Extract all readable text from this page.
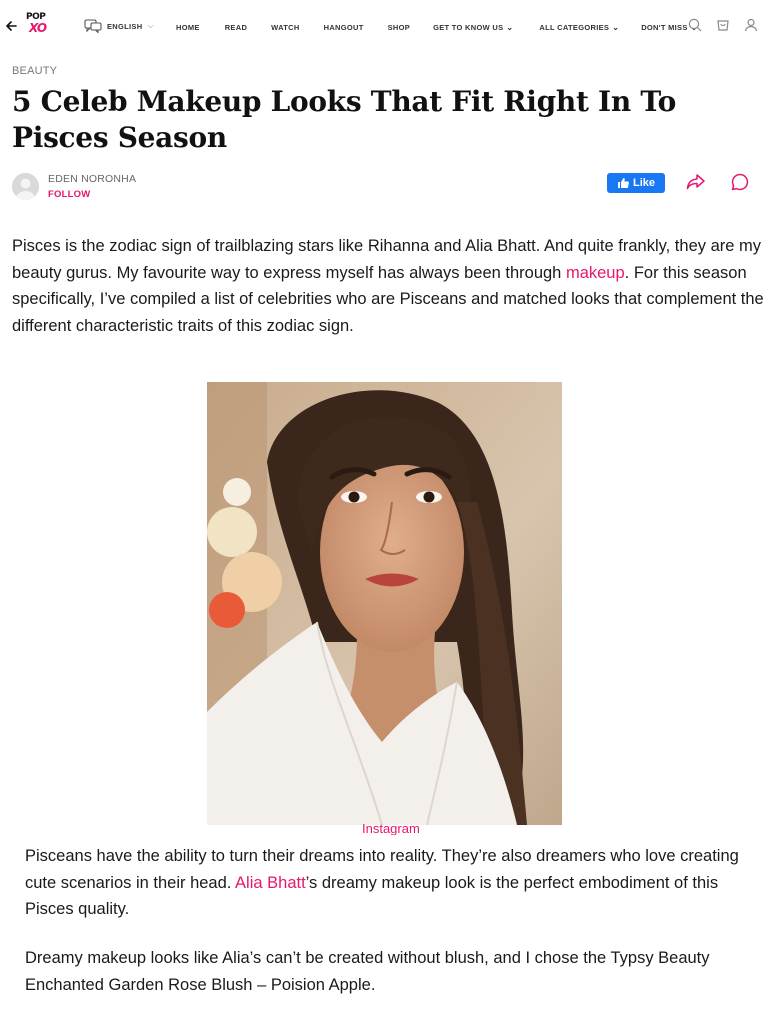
POP
XO	ENGLISH ⌵	HOME	READ	WATCH	HANGOUT	SHOP	GET TO KNOW US ⌄	ALL CATEGORIES ⌄	DON'T MISS ⌄
BEAUTY
5 Celeb Makeup Looks That Fit Right In To Pisces Season
EDEN NORONHA
FOLLOW
Like

Pisces is the zodiac sign of trailblazing stars like Rihanna and Alia Bhatt. And quite frankly, they are my beauty gurus. My favourite way to express myself has always been through makeup. For this season specifically, I’ve compiled a list of celebrities who are Pisceans and matched looks that complement the different characteristic traits of this zodiac sign.

Instagram

Pisceans have the ability to turn their dreams into reality. They’re also dreamers who love creating cute scenarios in their head. Alia Bhatt’s dreamy makeup look is the perfect embodiment of this Pisces quality.

Dreamy makeup looks like Alia’s can’t be created without blush, and I chose the Typsy Beauty Enchanted Garden Rose Blush – Poision Apple.
